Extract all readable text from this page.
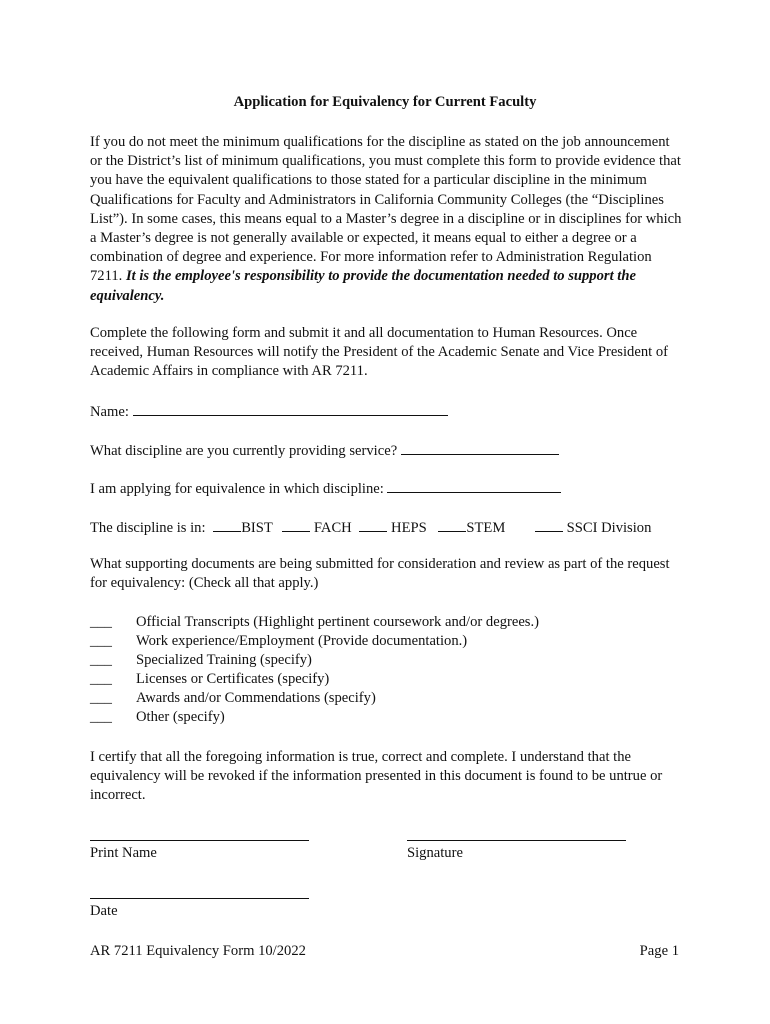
Application for Equivalency for Current Faculty
If you do not meet the minimum qualifications for the discipline as stated on the job announcement or the District’s list of minimum qualifications, you must complete this form to provide evidence that you have the equivalent qualifications to those stated for a particular discipline in the minimum Qualifications for Faculty and Administrators in California Community Colleges (the “Disciplines List”). In some cases, this means equal to a Master’s degree in a discipline or in disciplines for which a Master’s degree is not generally available or expected, it means equal to either a degree or a combination of degree and experience. For more information refer to Administration Regulation 7211. It is the employee's responsibility to provide the documentation needed to support the equivalency.
Complete the following form and submit it and all documentation to Human Resources. Once received, Human Resources will notify the President of the Academic Senate and Vice President of Academic Affairs in compliance with AR 7211.
Name:
What discipline are you currently providing service?
I am applying for equivalence in which discipline:
The discipline is in: BIST	FACH	HEPS	STEM	SSCI Division
What supporting documents are being submitted for consideration and review as part of the request for equivalency: (Check all that apply.)
___ Official Transcripts (Highlight pertinent coursework and/or degrees.)
___ Work experience/Employment (Provide documentation.)
___ Specialized Training (specify)
___ Licenses or Certificates (specify)
___ Awards and/or Commendations (specify)
___ Other (specify)
I certify that all the foregoing information is true, correct and complete. I understand that the equivalency will be revoked if the information presented in this document is found to be untrue or incorrect.
Print Name	Signature
Date
AR 7211 Equivalency Form 10/2022	Page 1
